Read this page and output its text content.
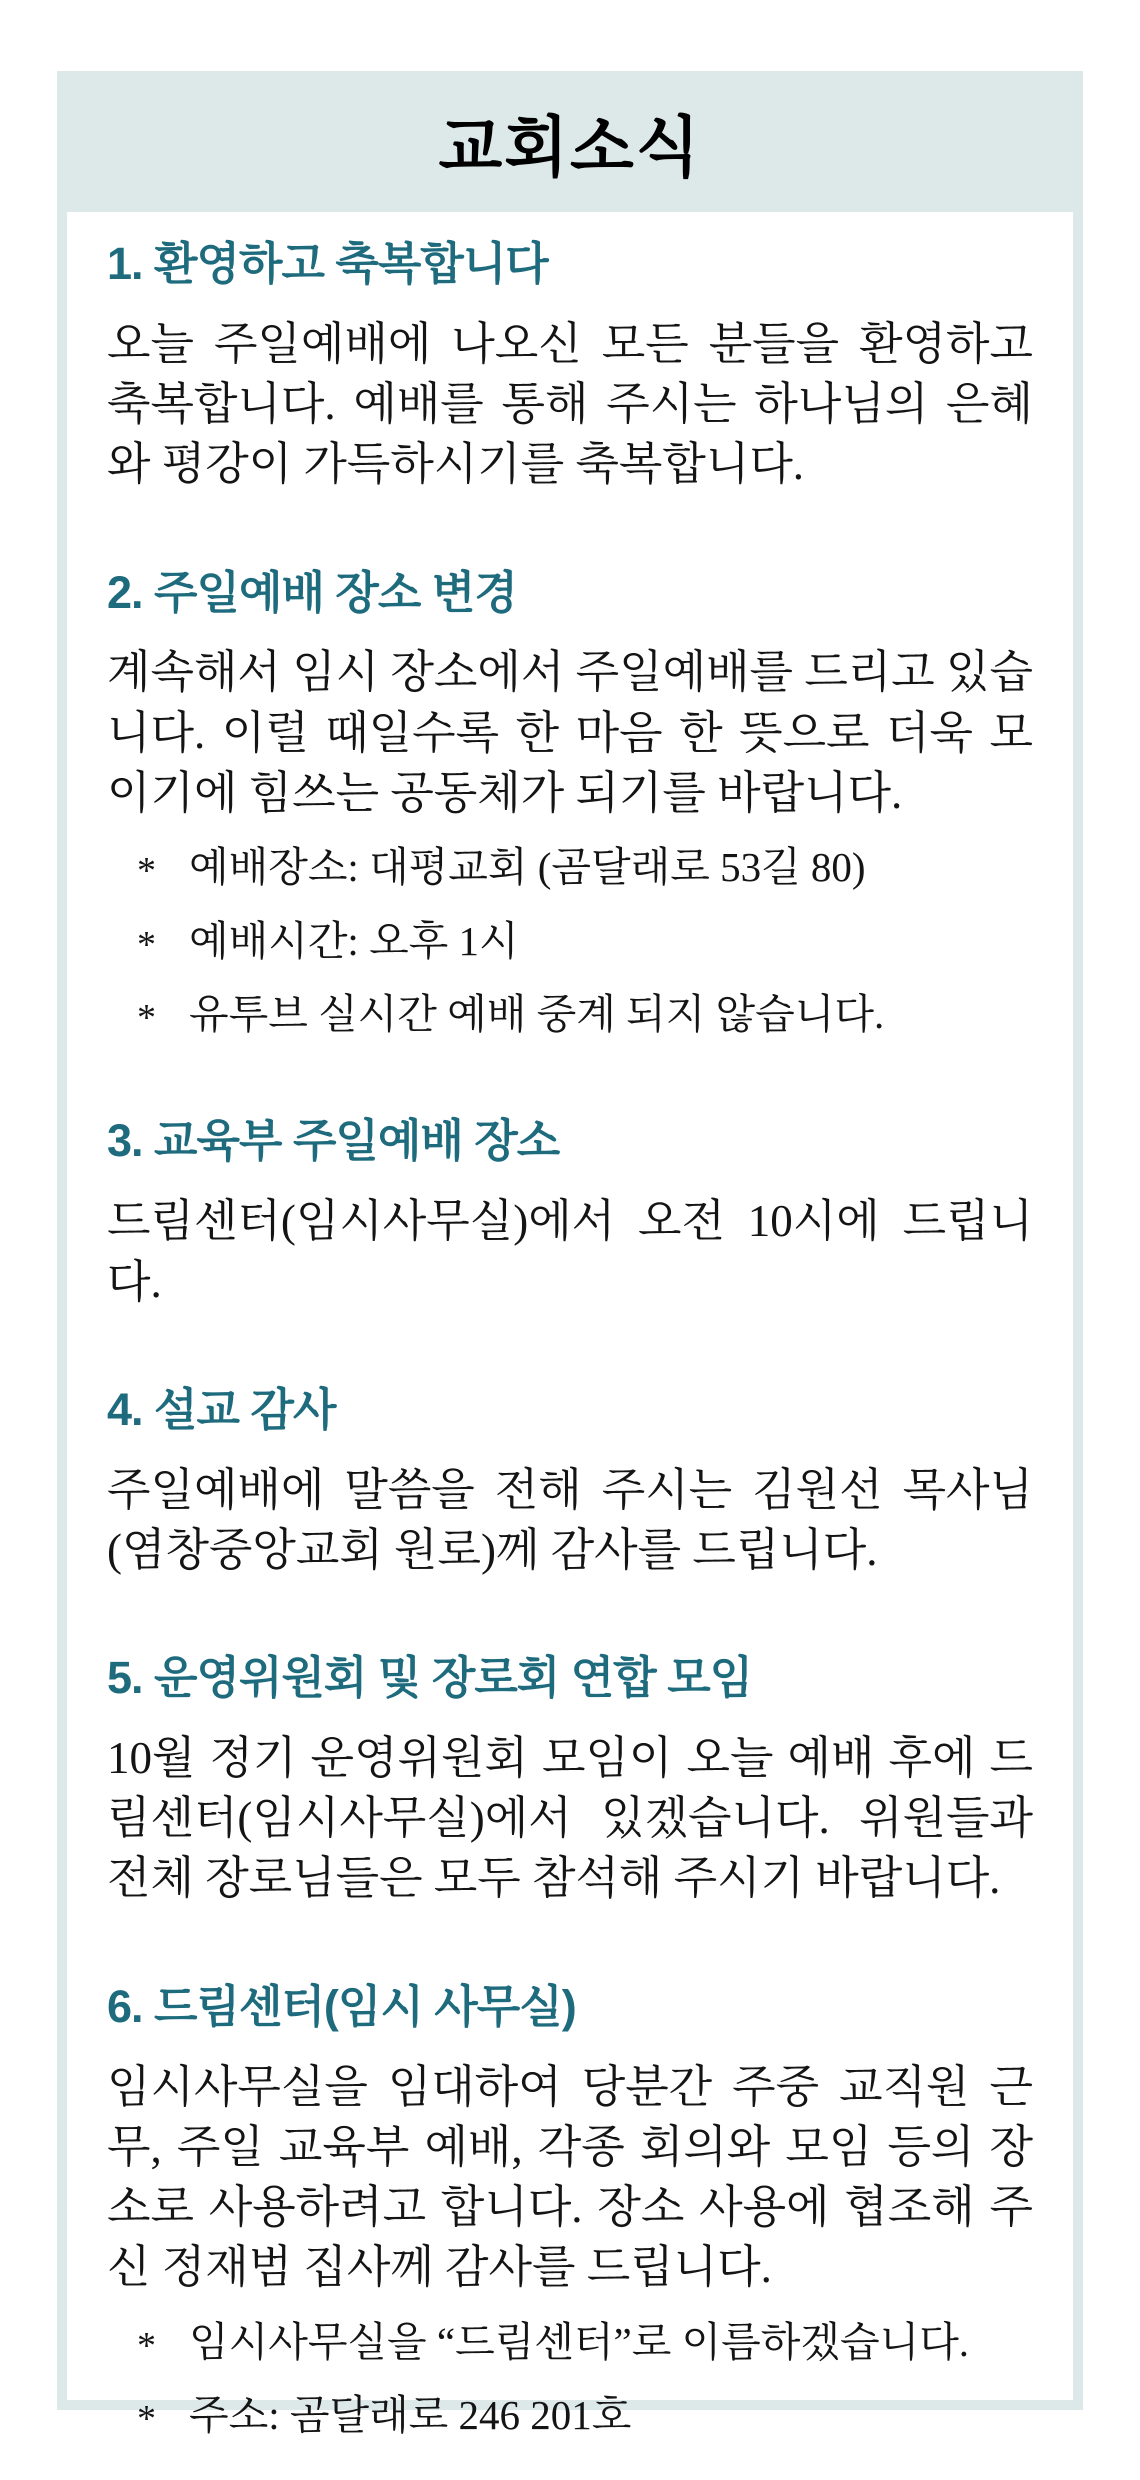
교회소식
1. 환영하고 축복합니다

오늘 주일예배에 나오신 모든 분들을 환영하고 축복합니다. 예배를 통해 주시는 하나님의 은혜와 평강이 가득하시기를 축복합니다.

2. 주일예배 장소 변경

계속해서 임시 장소에서 주일예배를 드리고 있습니다. 이럴 때일수록 한 마음 한 뜻으로 더욱 모이기에 힘쓰는 공동체가 되기를 바랍니다.

* 예배장소: 대평교회 (곰달래로 53길 80)
* 예배시간: 오후 1시
* 유투브 실시간 예배 중계 되지 않습니다.
3. 교육부 주일예배 장소

드림센터(임시사무실)에서 오전 10시에 드립니다.

4. 설교 감사

주일예배에 말씀을 전해 주시는 김원선 목사님(염창중앙교회 원로)께 감사를 드립니다.

5. 운영위원회 및 장로회 연합 모임

10월 정기 운영위원회 모임이 오늘 예배 후에 드림센터(임시사무실)에서 있겠습니다. 위원들과 전체 장로님들은 모두 참석해 주시기 바랍니다.

6. 드림센터(임시 사무실)

임시사무실을 임대하여 당분간 주중 교직원 근무, 주일 교육부 예배, 각종 회의와 모임 등의 장소로 사용하려고 합니다. 장소 사용에 협조해 주신 정재범 집사께 감사를 드립니다.

* 임시사무실을 “드림센터”로 이름하겠습니다.
* 주소: 곰달래로 246 201호
